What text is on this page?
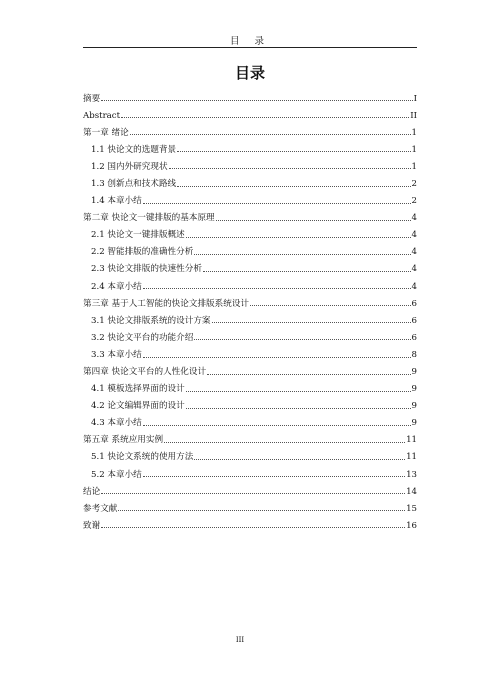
目 录
目录
摘要	I
Abstract	II
第一章 绪论	1
1.1 快论文的选题背景	1
1.2 国内外研究现状	1
1.3 创新点和技术路线	2
1.4 本章小结	2
第二章 快论文一键排版的基本原理	4
2.1 快论文一键排版概述	4
2.2 智能排版的准确性分析	4
2.3 快论文排版的快速性分析	4
2.4 本章小结	4
第三章 基于人工智能的快论文排版系统设计	6
3.1 快论文排版系统的设计方案	6
3.2 快论文平台的功能介绍	6
3.3 本章小结	8
第四章 快论文平台的人性化设计	9
4.1 模板选择界面的设计	9
4.2 论文编辑界面的设计	9
4.3 本章小结	9
第五章 系统应用实例	11
5.1 快论文系统的使用方法	11
5.2 本章小结	13
结论	14
参考文献	15
致谢	16
III
